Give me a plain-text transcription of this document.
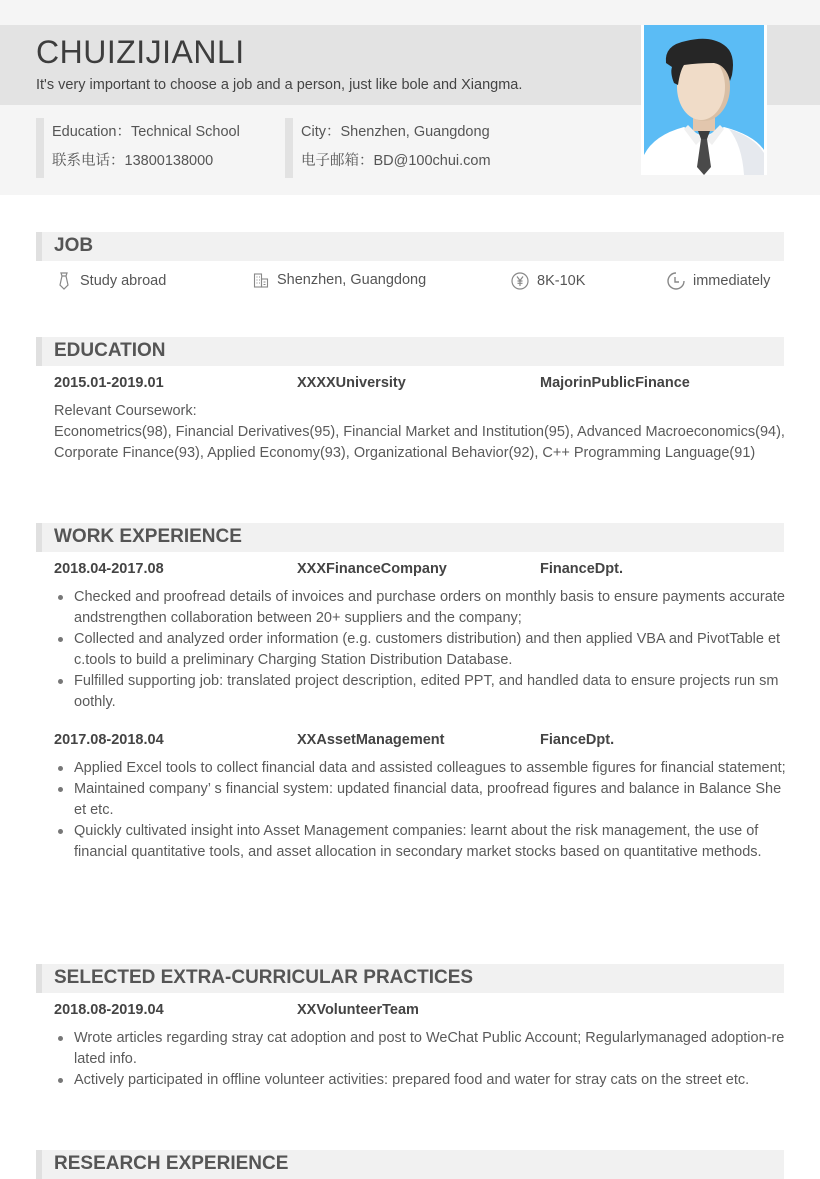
CHUIZIJIANLI
It's very important to choose a job and a person, just like bole and Xiangma.
Education：Technical School
联系电话：13800138000
City：Shenzhen, Guangdong
电子邮箱：BD@100chui.com
JOB
Study abroad	Shenzhen, Guangdong	8K-10K	immediately
EDUCATION
2015.01-2019.01	XXXXUniversity	MajorinPublicFinance
Relevant Coursework:
Econometrics(98), Financial Derivatives(95), Financial Market and Institution(95), Advanced Macroeconomics(94), Corporate Finance(93), Applied Economy(93), Organizational Behavior(92), C++ Programming Language(91)
WORK EXPERIENCE
2018.04-2017.08	XXXFinanceCompany	FinanceDpt.
Checked and proofread details of invoices and purchase orders on monthly basis to ensure payments accurate andstrengthen collaboration between 20+ suppliers and the company;
Collected and analyzed order information (e.g. customers distribution) and then applied VBA and PivotTable etc.tools to build a preliminary Charging Station Distribution Database.
Fulfilled supporting job: translated project description, edited PPT, and handled data to ensure projects run smoothly.
2017.08-2018.04	XXAssetManagement	FianceDpt.
Applied Excel tools to collect financial data and assisted colleagues to assemble figures for financial statement;
Maintained company’ s financial system: updated financial data, proofread figures and balance in Balance Sheet etc.
Quickly cultivated insight into Asset Management companies: learnt about the risk management, the use of
financial quantitative tools, and asset allocation in secondary market stocks based on quantitative methods.
SELECTED EXTRA-CURRICULAR PRACTICES
2018.08-2019.04	XXVolunteerTeam
Wrote articles regarding stray cat adoption and post to WeChat Public Account; Regularlymanaged adoption-related info.
Actively participated in offline volunteer activities: prepared food and water for stray cats on the street etc.
RESEARCH EXPERIENCE
